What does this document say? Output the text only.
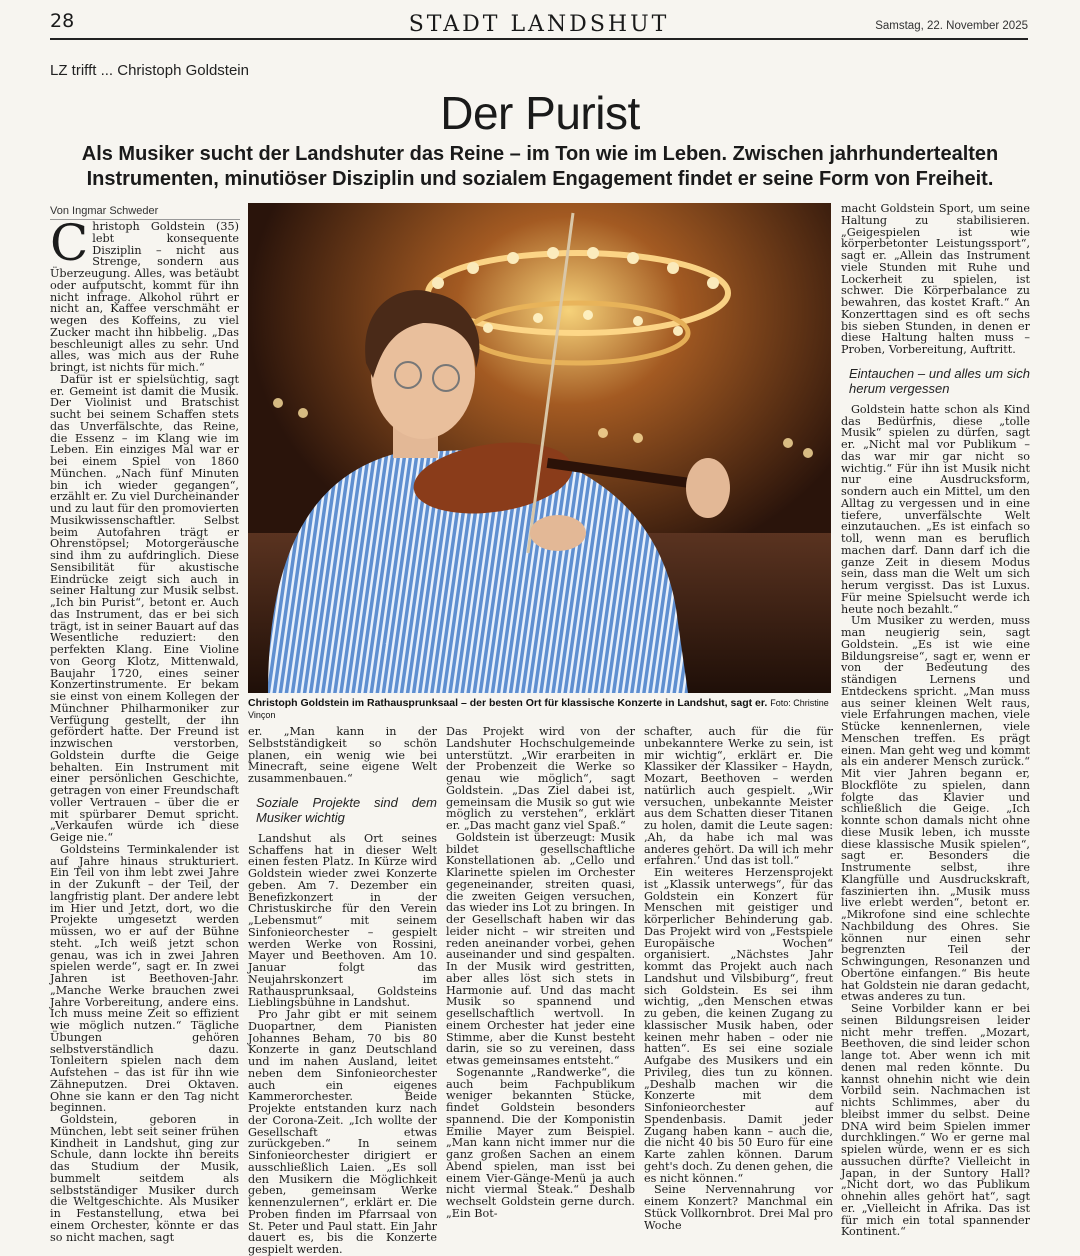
28	STADT LANDSHUT	Samstag, 22. November 2025
LZ trifft ... Christoph Goldstein
Der Purist
Als Musiker sucht der Landshuter das Reine – im Ton wie im Leben. Zwischen jahrhundertealten Instrumenten, minutiöser Disziplin und sozialem Engagement findet er seine Form von Freiheit.
Von Ingmar Schweder

Christoph Goldstein (35) lebt konsequente Disziplin – nicht aus Strenge, sondern aus Überzeugung. Alles, was betäubt oder aufputscht, kommt für ihn nicht infrage. Alkohol rührt er nicht an, Kaffee verschmäht er wegen des Koffeins, zu viel Zucker macht ihn hibbelig. „Das beschleunigt alles zu sehr. Und alles, was mich aus der Ruhe bringt, ist nichts für mich.“

Dafür ist er spielsüchtig, sagt er. Gemeint ist damit die Musik. Der Violinist und Bratschist sucht bei seinem Schaffen stets das Unverfälschte, das Reine, die Essenz – im Klang wie im Leben. Ein einziges Mal war er bei einem Spiel von 1860 München. „Nach fünf Minuten bin ich wieder gegangen“, erzählt er. Zu viel Durcheinander und zu laut für den promovierten Musikwissenschaftler. Selbst beim Autofahren trägt er Ohrenstöpsel; Motorgeräusche sind ihm zu aufdringlich. Diese Sensibilität für akustische Eindrücke zeigt sich auch in seiner Haltung zur Musik selbst. „Ich bin Purist“, betont er. Auch das Instrument, das er bei sich trägt, ist in seiner Bauart auf das Wesentliche reduziert: den perfekten Klang. Eine Violine von Georg Klotz, Mittenwald, Baujahr 1720, eines seiner Konzertinstrumente. Er bekam sie einst von einem Kollegen der Münchner Philharmoniker zur Verfügung gestellt, der ihn gefördert hatte. Der Freund ist inzwischen verstorben, Goldstein durfte die Geige behalten. Ein Instrument mit einer persönlichen Geschichte, getragen von einer Freundschaft voller Vertrauen – über die er mit spürbarer Demut spricht. „Verkaufen würde ich diese Geige nie.“

Goldsteins Terminkalender ist auf Jahre hinaus strukturiert. Ein Teil von ihm lebt zwei Jahre in der Zukunft – der Teil, der langfristig plant. Der andere lebt im Hier und Jetzt, dort, wo die Projekte umgesetzt werden müssen, wo er auf der Bühne steht. „Ich weiß jetzt schon genau, was ich in zwei Jahren spielen werde“, sagt er. In zwei Jahren ist Beethoven-Jahr. „Manche Werke brauchen zwei Jahre Vorbereitung, andere eins. Ich muss meine Zeit so effizient wie möglich nutzen.“ Tägliche Übungen gehören selbstverständlich dazu. Tonleitern spielen nach dem Aufstehen – das ist für ihn wie Zähneputzen. Drei Oktaven. Ohne sie kann er den Tag nicht beginnen.

Goldstein, geboren in München, lebt seit seiner frühen Kindheit in Landshut, ging zur Schule, dann lockte ihn bereits das Studium der Musik, bummelt seitdem als selbstständiger Musiker durch die Weltgeschichte. Als Musiker in Festanstellung, etwa bei einem Orchester, könnte er das so nicht machen, sagt

Christoph Goldstein im Rathausprunksaal – der besten Ort für klassische Konzerte in Landshut, sagt er. Foto: Christine Vinçon

er. „Man kann in der Selbstständigkeit so schön planen, ein wenig wie bei Minecraft, seine eigene Welt zusammenbauen.“

Soziale Projekte sind dem Musiker wichtig

Landshut als Ort seines Schaffens hat in dieser Welt einen festen Platz. In Kürze wird Goldstein wieder zwei Konzerte geben. Am 7. Dezember ein Benefizkonzert in der Christuskirche für den Verein „Lebensmut“ mit seinem Sinfonieorchester – gespielt werden Werke von Rossini, Mayer und Beethoven. Am 10. Januar folgt das Neujahrskonzert im Rathausprunksaal, Goldsteins Lieblingsbühne in Landshut.

Pro Jahr gibt er mit seinem Duopartner, dem Pianisten Johannes Beham, 70 bis 80 Konzerte in ganz Deutschland und im nahen Ausland, leitet neben dem Sinfonieorchester auch ein eigenes Kammerorchester. Beide Projekte entstanden kurz nach der Corona-Zeit. „Ich wollte der Gesellschaft etwas zurückgeben.“ In seinem Sinfonieorchester dirigiert er ausschließlich Laien. „Es soll den Musikern die Möglichkeit geben, gemeinsam Werke kennenzulernen“, erklärt er. Die Proben finden im Pfarrsaal von St. Peter und Paul statt. Ein Jahr dauert es, bis die Konzerte gespielt werden.

Das Projekt wird von der Landshuter Hochschulgemeinde unterstützt. „Wir erarbeiten in der Probenzeit die Werke so genau wie möglich“, sagt Goldstein. „Das Ziel dabei ist, gemeinsam die Musik so gut wie möglich zu verstehen“, erklärt er. „Das macht ganz viel Spaß.“

Goldstein ist überzeugt: Musik bildet gesellschaftliche Konstellationen ab. „Cello und Klarinette spielen im Orchester gegeneinander, streiten quasi, die zweiten Geigen versuchen, das wieder ins Lot zu bringen. In der Gesellschaft haben wir das leider nicht – wir streiten und reden aneinander vorbei, gehen auseinander und sind gespalten. In der Musik wird gestritten, aber alles löst sich stets in Harmonie auf. Und das macht Musik so spannend und gesellschaftlich wertvoll. In einem Orchester hat jeder eine Stimme, aber die Kunst besteht darin, sie so zu vereinen, dass etwas gemeinsames entsteht.“

Sogenannte „Randwerke“, die auch beim Fachpublikum weniger bekannten Stücke, findet Goldstein besonders spannend. Die der Komponistin Emilie Mayer zum Beispiel. „Man kann nicht immer nur die ganz großen Sachen an einem Abend spielen, man isst bei einem Vier-Gänge-Menü ja auch nicht viermal Steak.“ Deshalb wechselt Goldstein gerne durch. „Ein Bot-

schafter, auch für die für unbekanntere Werke zu sein, ist mir wichtig“, erklärt er. Die Klassiker der Klassiker – Haydn, Mozart, Beethoven – werden natürlich auch gespielt. „Wir versuchen, unbekannte Meister aus dem Schatten dieser Titanen zu holen, damit die Leute sagen: ‚Ah, da habe ich mal was anderes gehört. Da will ich mehr erfahren.‘ Und das ist toll.“

Ein weiteres Herzensprojekt ist „Klassik unterwegs“, für das Goldstein ein Konzert für Menschen mit geistiger und körperlicher Behinderung gab. Das Projekt wird von „Festspiele Europäische Wochen“ organisiert. „Nächstes Jahr kommt das Projekt auch nach Landshut und Vilsbiburg“, freut sich Goldstein. Es sei ihm wichtig, „den Menschen etwas zu geben, die keinen Zugang zu klassischer Musik haben, oder keinen mehr haben – oder nie hatten“. Es sei eine soziale Aufgabe des Musikers und ein Privileg, dies tun zu können. „Deshalb machen wir die Konzerte mit dem Sinfonieorchester auf Spendenbasis. Damit jeder Zugang haben kann – auch die, die nicht 40 bis 50 Euro für eine Karte zahlen können. Darum geht's doch. Zu denen gehen, die es nicht können.“

Seine Nervennahrung vor einem Konzert? Manchmal ein Stück Vollkornbrot. Drei Mal pro Woche

macht Goldstein Sport, um seine Haltung zu stabilisieren. „Geigespielen ist wie körperbetonter Leistungssport“, sagt er. „Allein das Instrument viele Stunden mit Ruhe und Lockerheit zu spielen, ist schwer. Die Körperbalance zu bewahren, das kostet Kraft.“ An Konzerttagen sind es oft sechs bis sieben Stunden, in denen er diese Haltung halten muss – Proben, Vorbereitung, Auftritt.

Eintauchen – und alles um sich herum vergessen

Goldstein hatte schon als Kind das Bedürfnis, diese „tolle Musik“ spielen zu dürfen, sagt er. „Nicht mal vor Publikum – das war mir gar nicht so wichtig.“ Für ihn ist Musik nicht nur eine Ausdrucksform, sondern auch ein Mittel, um den Alltag zu vergessen und in eine tiefere, unverfälschte Welt einzutauchen. „Es ist einfach so toll, wenn man es beruflich machen darf. Dann darf ich die ganze Zeit in diesem Modus sein, dass man die Welt um sich herum vergisst. Das ist Luxus. Für meine Spielsucht werde ich heute noch bezahlt.“

Um Musiker zu werden, muss man neugierig sein, sagt Goldstein. „Es ist wie eine Bildungsreise“, sagt er, wenn er von der Bedeutung des ständigen Lernens und Entdeckens spricht. „Man muss aus seiner kleinen Welt raus, viele Erfahrungen machen, viele Stücke kennenlernen, viele Menschen treffen. Es prägt einen. Man geht weg und kommt als ein anderer Mensch zurück.“ Mit vier Jahren begann er, Blockflöte zu spielen, dann folgte das Klavier und schließlich die Geige. „Ich konnte schon damals nicht ohne diese Musik leben, ich musste diese klassische Musik spielen“, sagt er. Besonders die Instrumente selbst, ihre Klangfülle und Ausdruckskraft, faszinierten ihn. „Musik muss live erlebt werden“, betont er. „Mikrofone sind eine schlechte Nachbildung des Ohres. Sie können nur einen sehr begrenzten Teil der Schwingungen, Resonanzen und Obertöne einfangen.“ Bis heute hat Goldstein nie daran gedacht, etwas anderes zu tun.

Seine Vorbilder kann er bei seinen Bildungsreisen leider nicht mehr treffen. „Mozart, Beethoven, die sind leider schon lange tot. Aber wenn ich mit denen mal reden könnte. Du kannst ohnehin nicht wie dein Vorbild sein. Nachmachen ist nichts Schlimmes, aber du bleibst immer du selbst. Deine DNA wird beim Spielen immer durchklingen.“ Wo er gerne mal spielen würde, wenn er es sich aussuchen dürfte? Vielleicht in Japan, in der Suntory Hall? „Nicht dort, wo das Publikum ohnehin alles gehört hat“, sagt er. „Vielleicht in Afrika. Das ist für mich ein total spannender Kontinent.“
